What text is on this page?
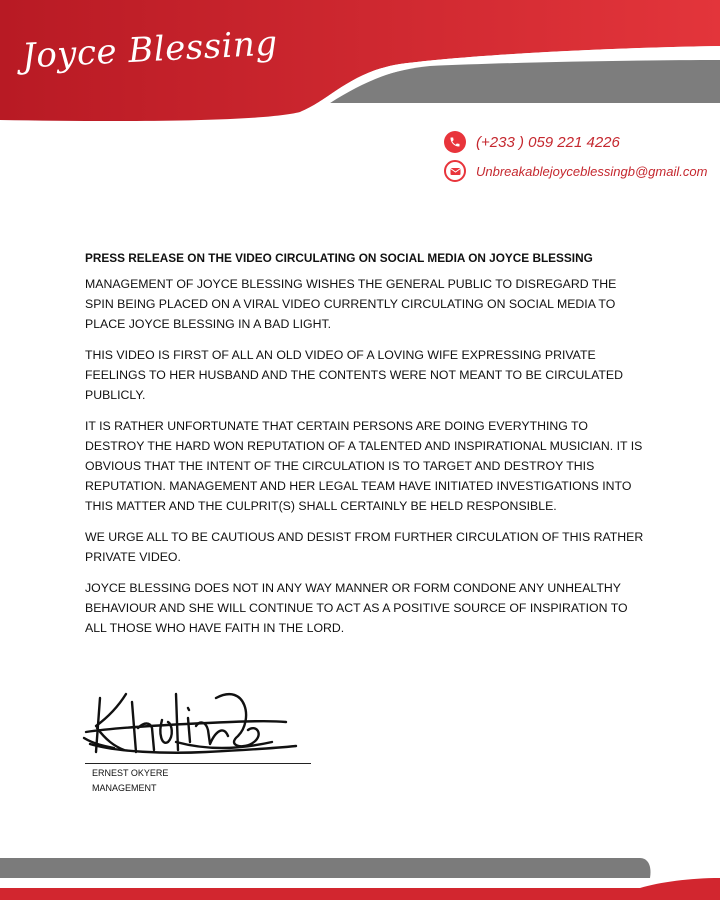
Joyce Blessing
(+233 ) 059 221 4226
Unbreakablejoyceblessingb@gmail.com
PRESS RELEASE ON THE VIDEO CIRCULATING ON SOCIAL MEDIA ON JOYCE BLESSING

MANAGEMENT OF JOYCE BLESSING WISHES THE GENERAL PUBLIC TO DISREGARD THE SPIN BEING PLACED ON A VIRAL VIDEO CURRENTLY CIRCULATING ON SOCIAL MEDIA TO PLACE JOYCE BLESSING IN A BAD LIGHT.

THIS VIDEO IS FIRST OF ALL AN OLD VIDEO OF A LOVING WIFE EXPRESSING PRIVATE FEELINGS TO HER HUSBAND AND THE CONTENTS WERE NOT MEANT TO BE CIRCULATED PUBLICLY.

IT IS RATHER UNFORTUNATE THAT CERTAIN PERSONS ARE DOING EVERYTHING TO DESTROY THE HARD WON REPUTATION OF A TALENTED AND INSPIRATIONAL MUSICIAN. IT IS OBVIOUS THAT THE INTENT OF THE CIRCULATION IS TO TARGET AND DESTROY THIS REPUTATION. MANAGEMENT AND HER LEGAL TEAM HAVE INITIATED INVESTIGATIONS INTO THIS MATTER AND THE CULPRIT(S) SHALL CERTAINLY BE HELD RESPONSIBLE.

WE URGE ALL TO BE CAUTIOUS AND DESIST FROM FURTHER CIRCULATION OF THIS RATHER PRIVATE VIDEO.

JOYCE BLESSING DOES NOT IN ANY WAY MANNER OR FORM CONDONE ANY UNHEALTHY BEHAVIOUR AND SHE WILL CONTINUE TO ACT AS A POSITIVE SOURCE OF INSPIRATION TO ALL THOSE WHO HAVE FAITH IN THE LORD.

ERNEST OKYERE
MANAGEMENT
